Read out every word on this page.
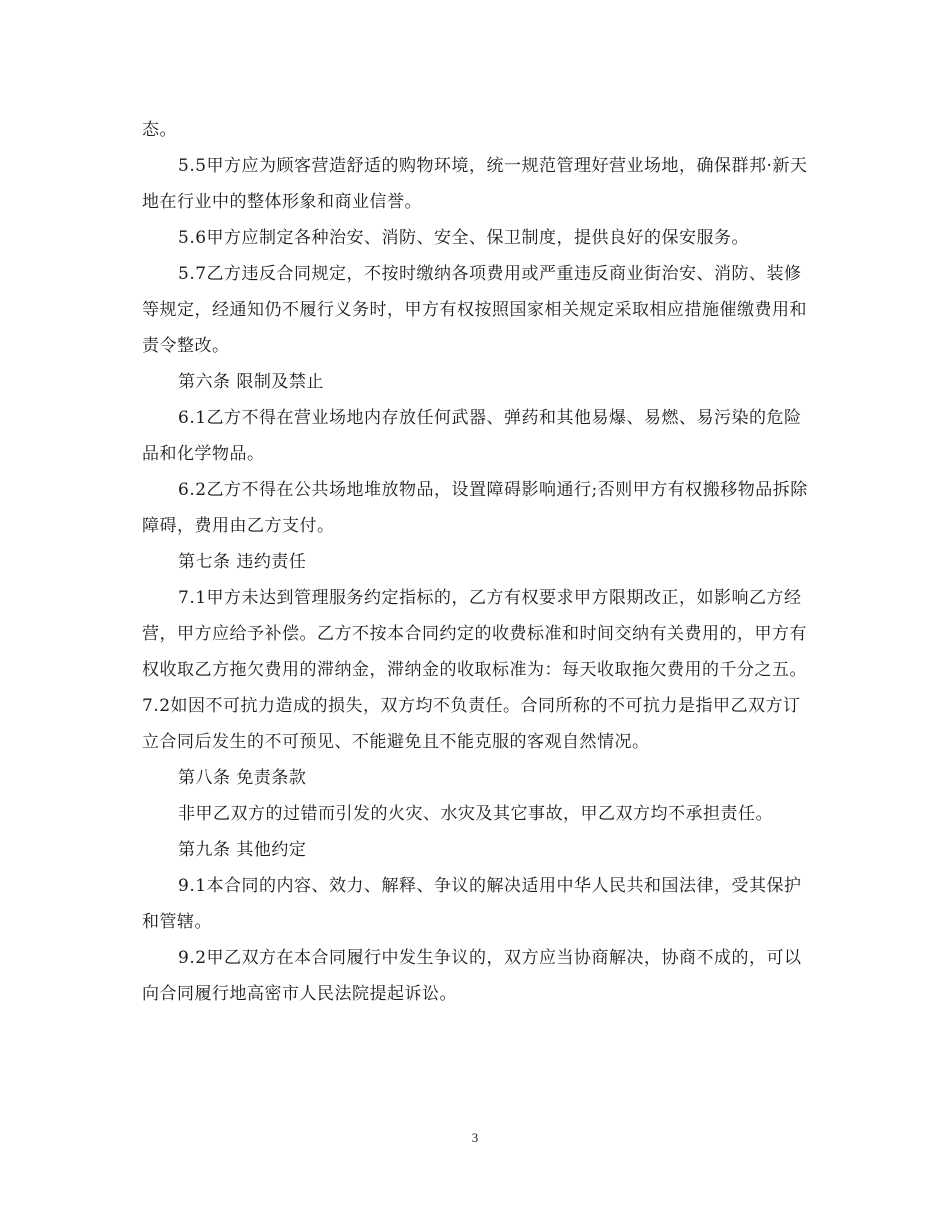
态。

5.5甲方应为顾客营造舒适的购物环境，统一规范管理好营业场地，确保群邦·新天地在行业中的整体形象和商业信誉。

5.6甲方应制定各种治安、消防、安全、保卫制度，提供良好的保安服务。

5.7乙方违反合同规定，不按时缴纳各项费用或严重违反商业街治安、消防、装修等规定，经通知仍不履行义务时，甲方有权按照国家相关规定采取相应措施催缴费用和责令整改。

第六条 限制及禁止

6.1乙方不得在营业场地内存放任何武器、弹药和其他易爆、易燃、易污染的危险品和化学物品。

6.2乙方不得在公共场地堆放物品，设置障碍影响通行;否则甲方有权搬移物品拆除障碍，费用由乙方支付。

第七条 违约责任

7.1甲方未达到管理服务约定指标的，乙方有权要求甲方限期改正，如影响乙方经营，甲方应给予补偿。乙方不按本合同约定的收费标准和时间交纳有关费用的，甲方有权收取乙方拖欠费用的滞纳金，滞纳金的收取标准为：每天收取拖欠费用的千分之五。 7.2如因不可抗力造成的损失，双方均不负责任。合同所称的不可抗力是指甲乙双方订立合同后发生的不可预见、不能避免且不能克服的客观自然情况。

第八条 免责条款

非甲乙双方的过错而引发的火灾、水灾及其它事故，甲乙双方均不承担责任。

第九条 其他约定

9.1本合同的内容、效力、解释、争议的解决适用中华人民共和国法律，受其保护和管辖。

9.2甲乙双方在本合同履行中发生争议的，双方应当协商解决，协商不成的，可以向合同履行地高密市人民法院提起诉讼。

3
